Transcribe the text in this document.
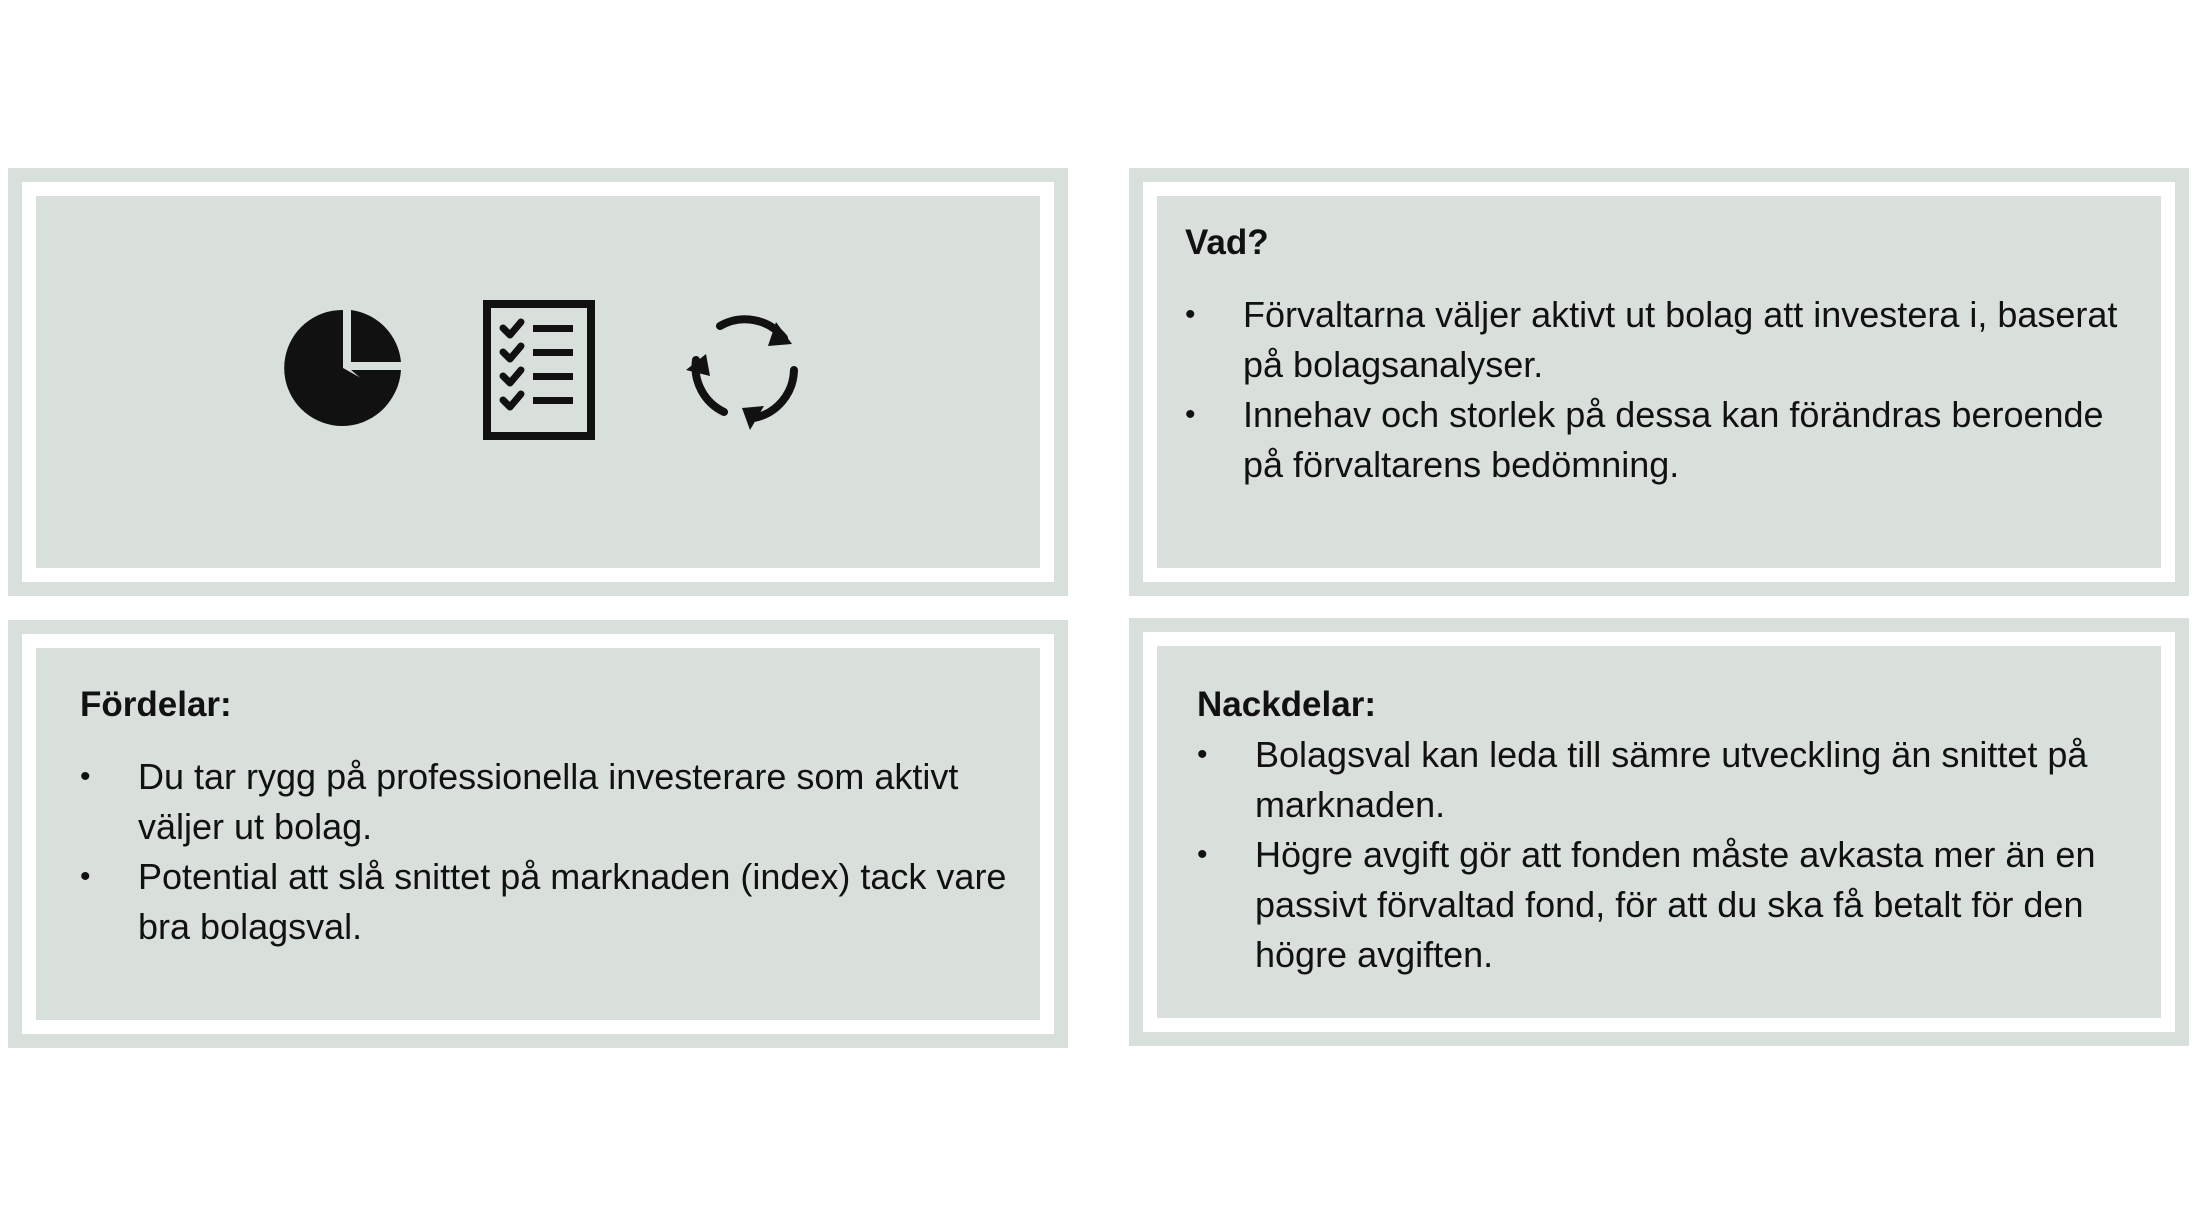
Vad?

• Förvaltarna väljer aktivt ut bolag att investera i, baserat på bolagsanalyser.
• Innehav och storlek på dessa kan förändras beroende på förvaltarens bedömning.

Fördelar:

• Du tar rygg på professionella investerare som aktivt väljer ut bolag.
• Potential att slå snittet på marknaden (index) tack vare bra bolagsval.

Nackdelar:

• Bolagsval kan leda till sämre utveckling än snittet på marknaden.
• Högre avgift gör att fonden måste avkasta mer än en passivt förvaltad fond, för att du ska få betalt för den högre avgiften.
